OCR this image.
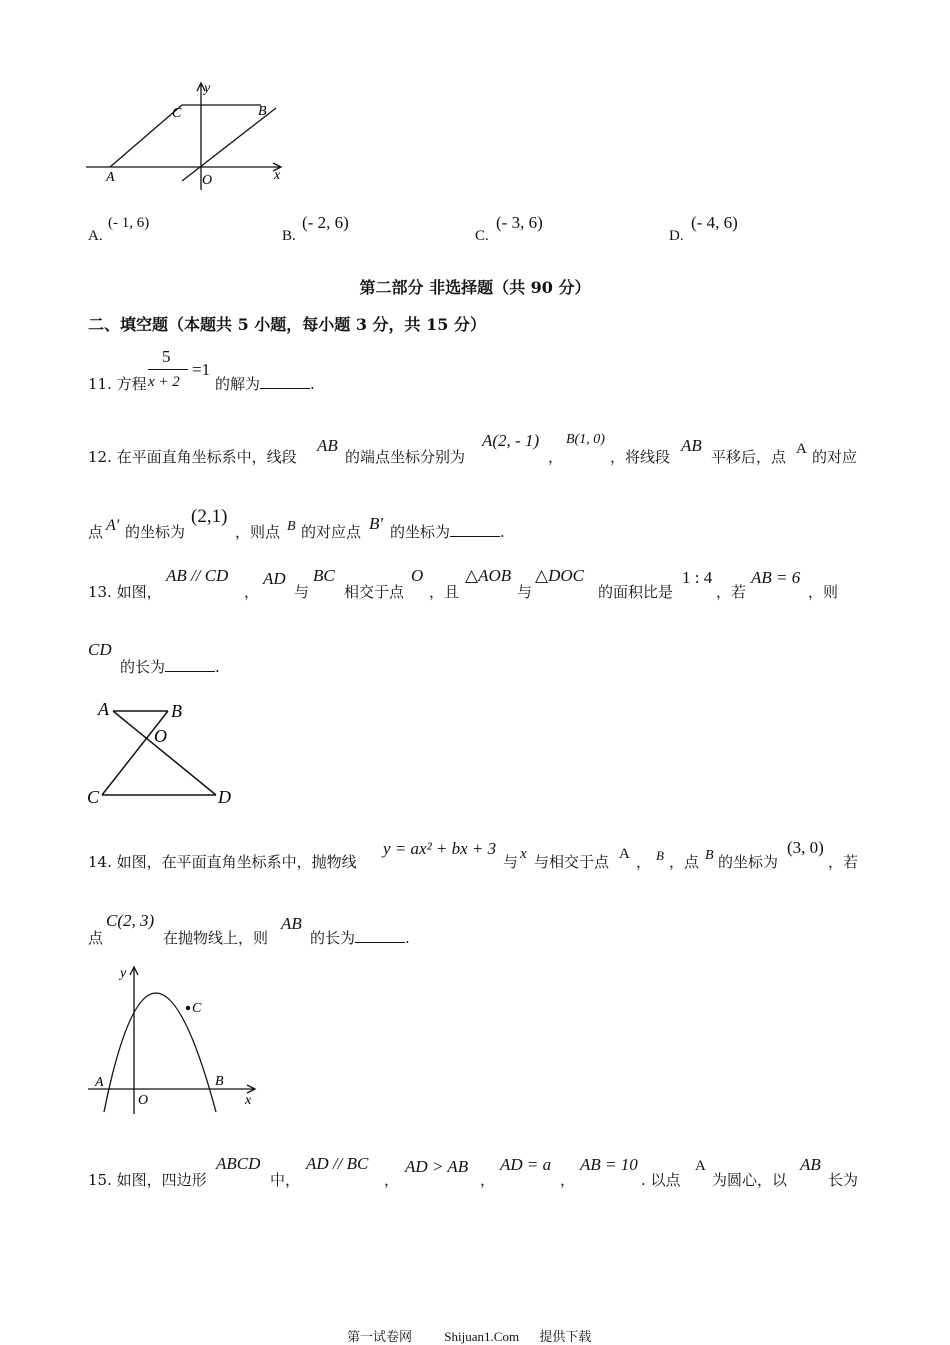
y
x
A
C	B
O
A.
(- 1, 6)
B.
(- 2, 6)
C.
(- 3, 6)
D.
(- 4, 6)
第二部分 非选择题（共 90 分）
二、填空题（本题共 5 小题，每小题 3 分，共 15 分）
11. 方程
5
x + 2
=1
的解为	.
12. 在平面直角坐标系中，线段
AB
的端点坐标分别为
A(2, - 1)
，
B(1, 0)
，将线段
AB
平移后，点 A 的对应
点 A′ 的坐标为
(2,1)
，则点 B 的对应点 B′ 的坐标为	.
13. 如图，
AB // CD
，
AD
与
BC
相交于点
O
，且
△AOB
与
△DOC
的面积比是
1 : 4
，若
AB = 6
，则
CD
的长为	.
A	B
O
C	D
14. 如图，在平面直角坐标系中，抛物线
y = ax² + bx + 3
与 x 与相交于点 A ， B ，点 B 的坐标为
(3, 0)
，若
点
C(2, 3)
在抛物线上，则
AB
的长为	.
y
x
A	B
C
O
15. 如图，四边形
ABCD
中，
AD // BC
，
AD > AB
，
AD = a
，
AB = 10
. 以点
A
为圆心，以
AB
长为
第一试卷网 Shijuan1.Com 提供下载
